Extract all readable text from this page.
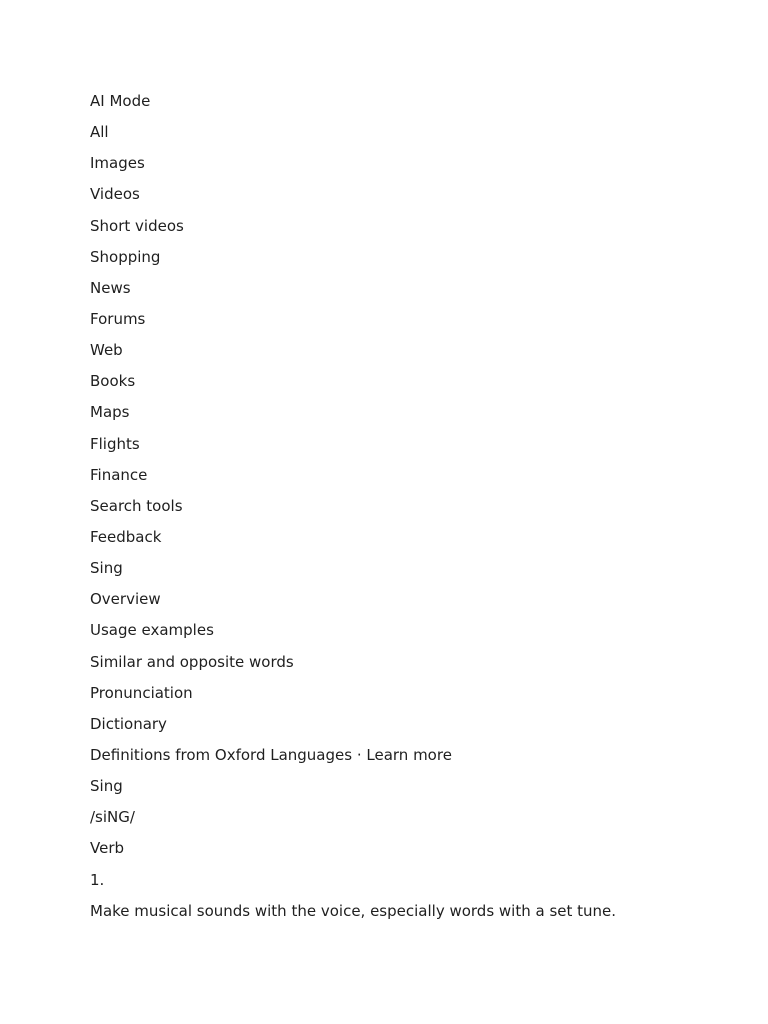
AI Mode
All
Images
Videos
Short videos
Shopping
News
Forums
Web
Books
Maps
Flights
Finance
Search tools
Feedback
Sing
Overview
Usage examples
Similar and opposite words
Pronunciation
Dictionary
Definitions from Oxford Languages · Learn more
Sing
/siNG/
Verb
1.
Make musical sounds with the voice, especially words with a set tune.
